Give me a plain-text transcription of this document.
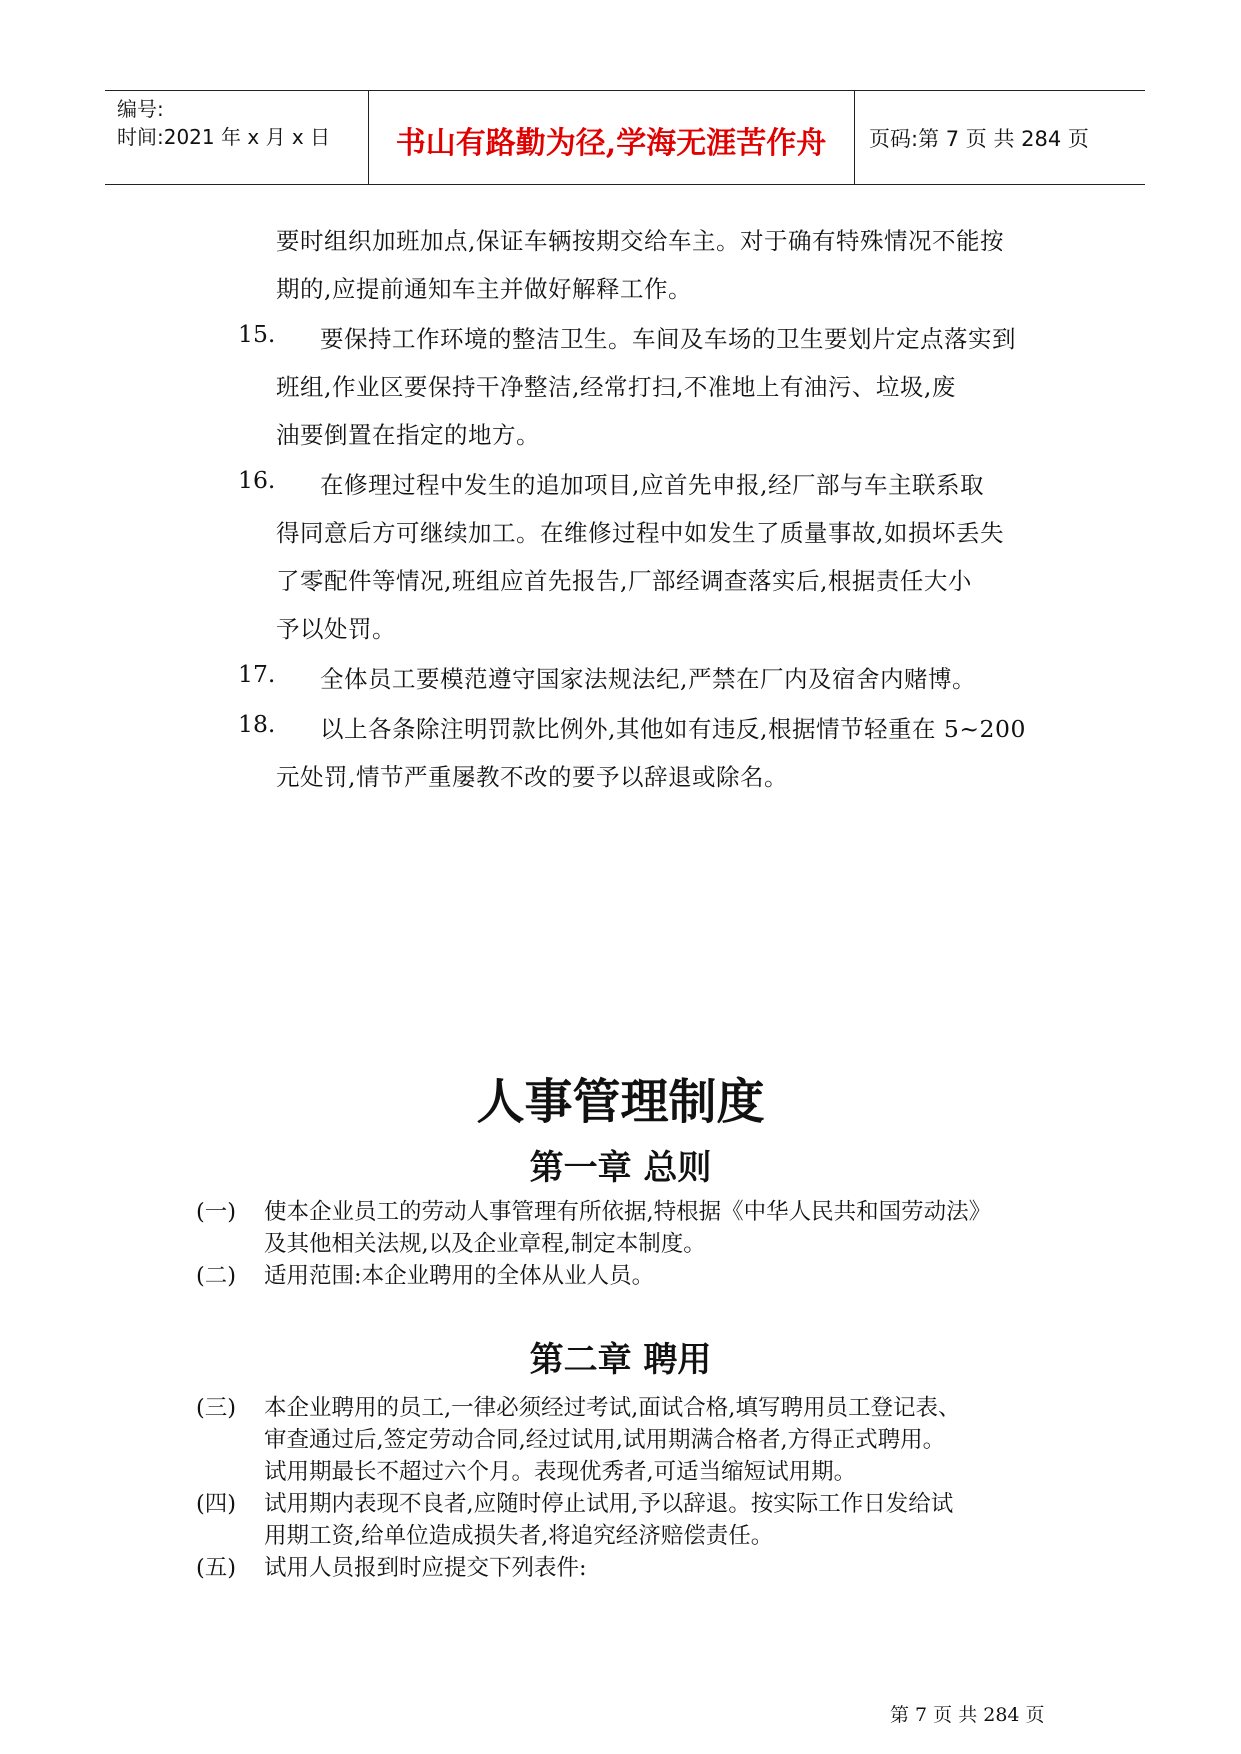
编号:
时间:2021 年 x 月 x 日	书山有路勤为径,学海无涯苦作舟	页码:第 7 页 共 284 页
要时组织加班加点,保证车辆按期交给车主。对于确有特殊情况不能按
期的,应提前通知车主并做好解释工作。
15. 要保持工作环境的整洁卫生。车间及车场的卫生要划片定点落实到
班组,作业区要保持干净整洁,经常打扫,不准地上有油污、垃圾,废
油要倒置在指定的地方。
16. 在修理过程中发生的追加项目,应首先申报,经厂部与车主联系取
得同意后方可继续加工。在维修过程中如发生了质量事故,如损坏丢失
了零配件等情况,班组应首先报告,厂部经调查落实后,根据责任大小
予以处罚。
17. 全体员工要模范遵守国家法规法纪,严禁在厂内及宿舍内赌博。
18. 以上各条除注明罚款比例外,其他如有违反,根据情节轻重在 5~200
元处罚,情节严重屡教不改的要予以辞退或除名。
人事管理制度
第一章 总则
(一) 使本企业员工的劳动人事管理有所依据,特根据《中华人民共和国劳动法》
及其他相关法规,以及企业章程,制定本制度。
(二) 适用范围:本企业聘用的全体从业人员。
第二章 聘用
(三) 本企业聘用的员工,一律必须经过考试,面试合格,填写聘用员工登记表、
审查通过后,签定劳动合同,经过试用,试用期满合格者,方得正式聘用。
试用期最长不超过六个月。表现优秀者,可适当缩短试用期。
(四) 试用期内表现不良者,应随时停止试用,予以辞退。按实际工作日发给试
用期工资,给单位造成损失者,将追究经济赔偿责任。
(五) 试用人员报到时应提交下列表件:
第 7 页 共 284 页
